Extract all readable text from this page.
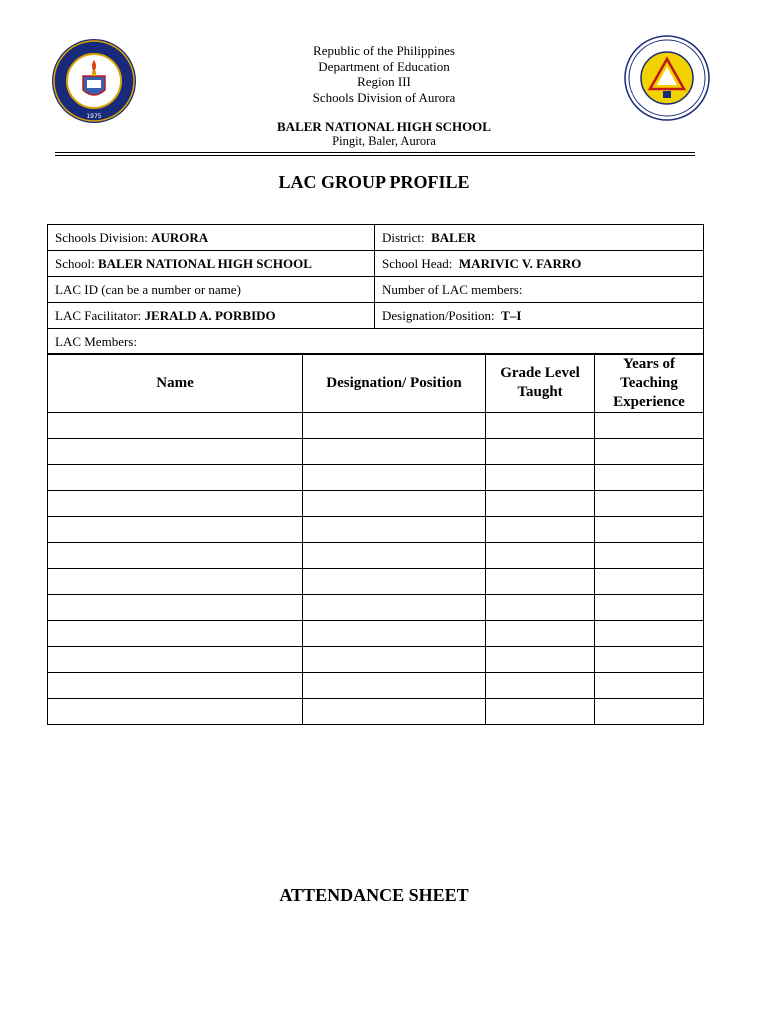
1975
Republic of the Philippines
Department of Education
Region III
Schools Division of Aurora
BALER NATIONAL HIGH SCHOOL
Pingit, Baler, Aurora
LAC GROUP PROFILE
Schools Division: AURORA	District: BALER
School: BALER NATIONAL HIGH SCHOOL	School Head: MARIVIC V. FARRO
LAC ID (can be a number or name)	Number of LAC members:
LAC Facilitator: JERALD A. PORBIDO	Designation/Position: T–I
LAC Members:	
Name	Designation/ Position	Grade Level Taught	Years of Teaching Experience

ATTENDANCE SHEET
